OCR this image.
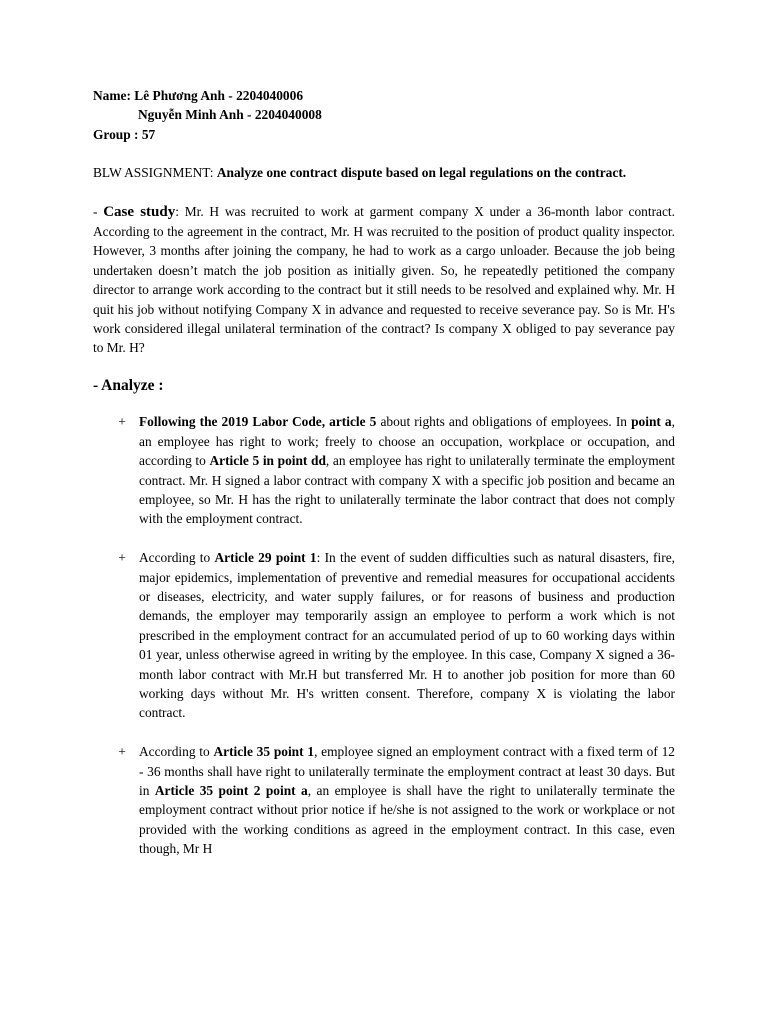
Name: Lê Phương Anh - 2204040006
Nguyễn Minh Anh - 2204040008
Group : 57
BLW ASSIGNMENT: Analyze one contract dispute based on legal regulations on the contract.
- Case study: Mr. H was recruited to work at garment company X under a 36-month labor contract. According to the agreement in the contract, Mr. H was recruited to the position of product quality inspector. However, 3 months after joining the company, he had to work as a cargo unloader. Because the job being undertaken doesn’t match the job position as initially given. So, he repeatedly petitioned the company director to arrange work according to the contract but it still needs to be resolved and explained why. Mr. H quit his job without notifying Company X in advance and requested to receive severance pay. So is Mr. H's work considered illegal unilateral termination of the contract? Is company X obliged to pay severance pay to Mr. H?
- Analyze :
+ Following the 2019 Labor Code, article 5 about rights and obligations of employees. In point a, an employee has right to work; freely to choose an occupation, workplace or occupation, and according to Article 5 in point dd, an employee has right to unilaterally terminate the employment contract. Mr. H signed a labor contract with company X with a specific job position and became an employee, so Mr. H has the right to unilaterally terminate the labor contract that does not comply with the employment contract.
+ According to Article 29 point 1: In the event of sudden difficulties such as natural disasters, fire, major epidemics, implementation of preventive and remedial measures for occupational accidents or diseases, electricity, and water supply failures, or for reasons of business and production demands, the employer may temporarily assign an employee to perform a work which is not prescribed in the employment contract for an accumulated period of up to 60 working days within 01 year, unless otherwise agreed in writing by the employee. In this case, Company X signed a 36-month labor contract with Mr.H but transferred Mr. H to another job position for more than 60 working days without Mr. H's written consent. Therefore, company X is violating the labor contract.
+ According to Article 35 point 1, employee signed an employment contract with a fixed term of 12 - 36 months shall have right to unilaterally terminate the employment contract at least 30 days. But in Article 35 point 2 point a, an employee is shall have the right to unilaterally terminate the employment contract without prior notice if he/she is not assigned to the work or workplace or not provided with the working conditions as agreed in the employment contract. In this case, even though, Mr H
